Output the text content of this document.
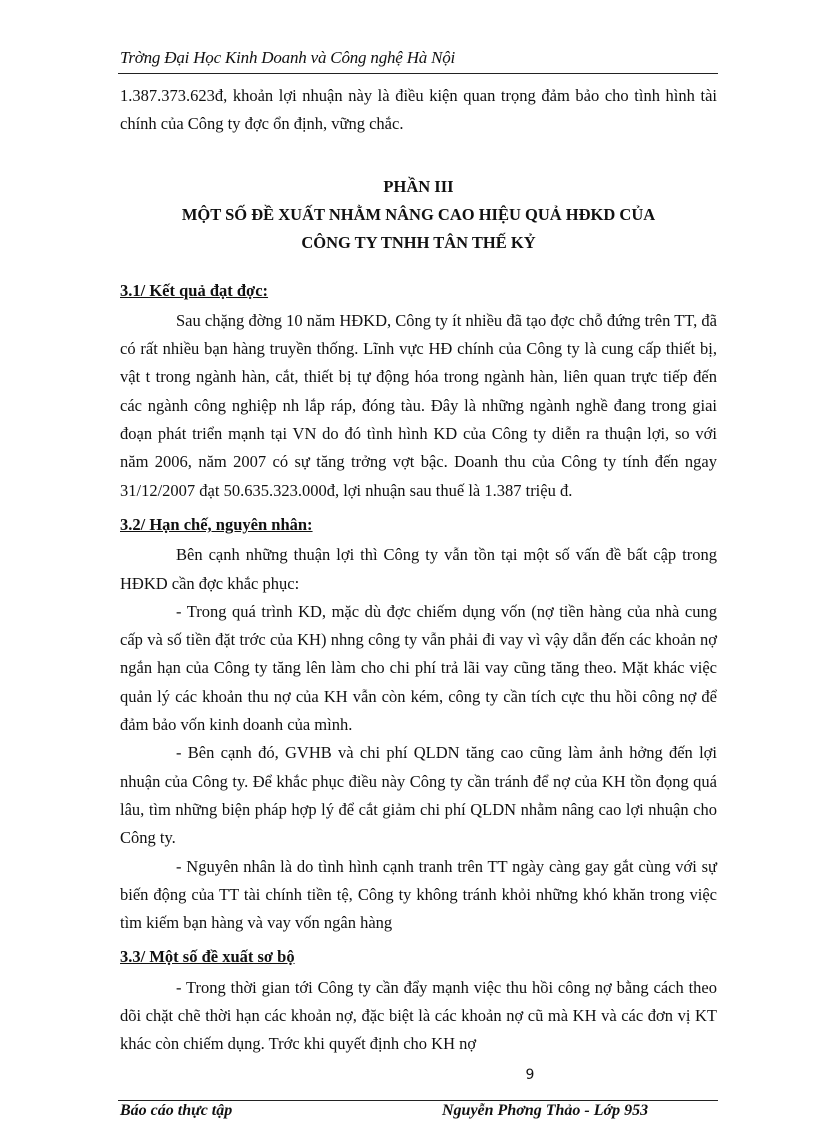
Trờng Đại Học Kinh Doanh và Công nghệ Hà Nội

1.387.373.623đ, khoản lợi nhuận này là điều kiện quan trọng đảm bảo cho tình hình tài chính của Công ty đợc ổn định, vững chắc.

PHẦN III
MỘT SỐ ĐỀ XUẤT NHẰM NÂNG CAO HIỆU QUẢ HĐKD CỦA
CÔNG TY TNHH TÂN THẾ KỶ
3.1/ Kết quả đạt đợc:

Sau chặng đờng 10 năm HĐKD, Công ty ít nhiều đã tạo đợc chỗ đứng trên TT, đã có rất nhiều bạn hàng truyền thống. Lĩnh vực HĐ chính của Công ty là cung cấp thiết bị, vật t trong ngành hàn, cắt, thiết bị tự động hóa trong ngành hàn, liên quan trực tiếp đến các ngành công nghiệp nh lắp ráp, đóng tàu. Đây là những ngành nghề đang trong giai đoạn phát triển mạnh tại VN do đó tình hình KD của Công ty diễn ra thuận lợi, so với năm 2006, năm 2007 có sự tăng trởng vợt bậc. Doanh thu của Công ty tính đến ngay 31/12/2007 đạt 50.635.323.000đ, lợi nhuận sau thuế là 1.387 triệu đ.

3.2/ Hạn chế, nguyên nhân:

Bên cạnh những thuận lợi thì Công ty vẫn tồn tại một số vấn đề bất cập trong HĐKD cần đợc khắc phục:

- Trong quá trình KD, mặc dù đợc chiếm dụng vốn (nợ tiền hàng của nhà cung cấp và số tiền đặt trớc của KH) nhng công ty vẫn phải đi vay vì vậy dẫn đến các khoản nợ ngắn hạn của Công ty tăng lên làm cho chi phí trả lãi vay cũng tăng theo. Mặt khác việc quản lý các khoản thu nợ của KH vẫn còn kém, công ty cần tích cực thu hồi công nợ để đảm bảo vốn kinh doanh của mình.

- Bên cạnh đó, GVHB và chi phí QLDN tăng cao cũng làm ảnh hởng đến lợi nhuận của Công ty. Để khắc phục điều này Công ty cần tránh để nợ của KH tồn đọng quá lâu, tìm những biện pháp hợp lý để cắt giảm chi phí QLDN nhằm nâng cao lợi nhuận cho Công ty.

- Nguyên nhân là do tình hình cạnh tranh trên TT ngày càng gay gắt cùng với sự biến động của TT tài chính tiền tệ, Công ty không tránh khỏi những khó khăn trong việc tìm kiếm bạn hàng và vay vốn ngân hàng

3.3/ Một số đề xuất sơ bộ

- Trong thời gian tới Công ty cần đẩy mạnh việc thu hồi công nợ bằng cách theo dõi chặt chẽ thời hạn các khoản nợ, đặc biệt là các khoản nợ cũ mà KH và các đơn vị KT khác còn chiếm dụng. Trớc khi quyết định cho KH nợ

9
Báo cáo thực tập	Nguyễn Phơng Thảo - Lớp 953
